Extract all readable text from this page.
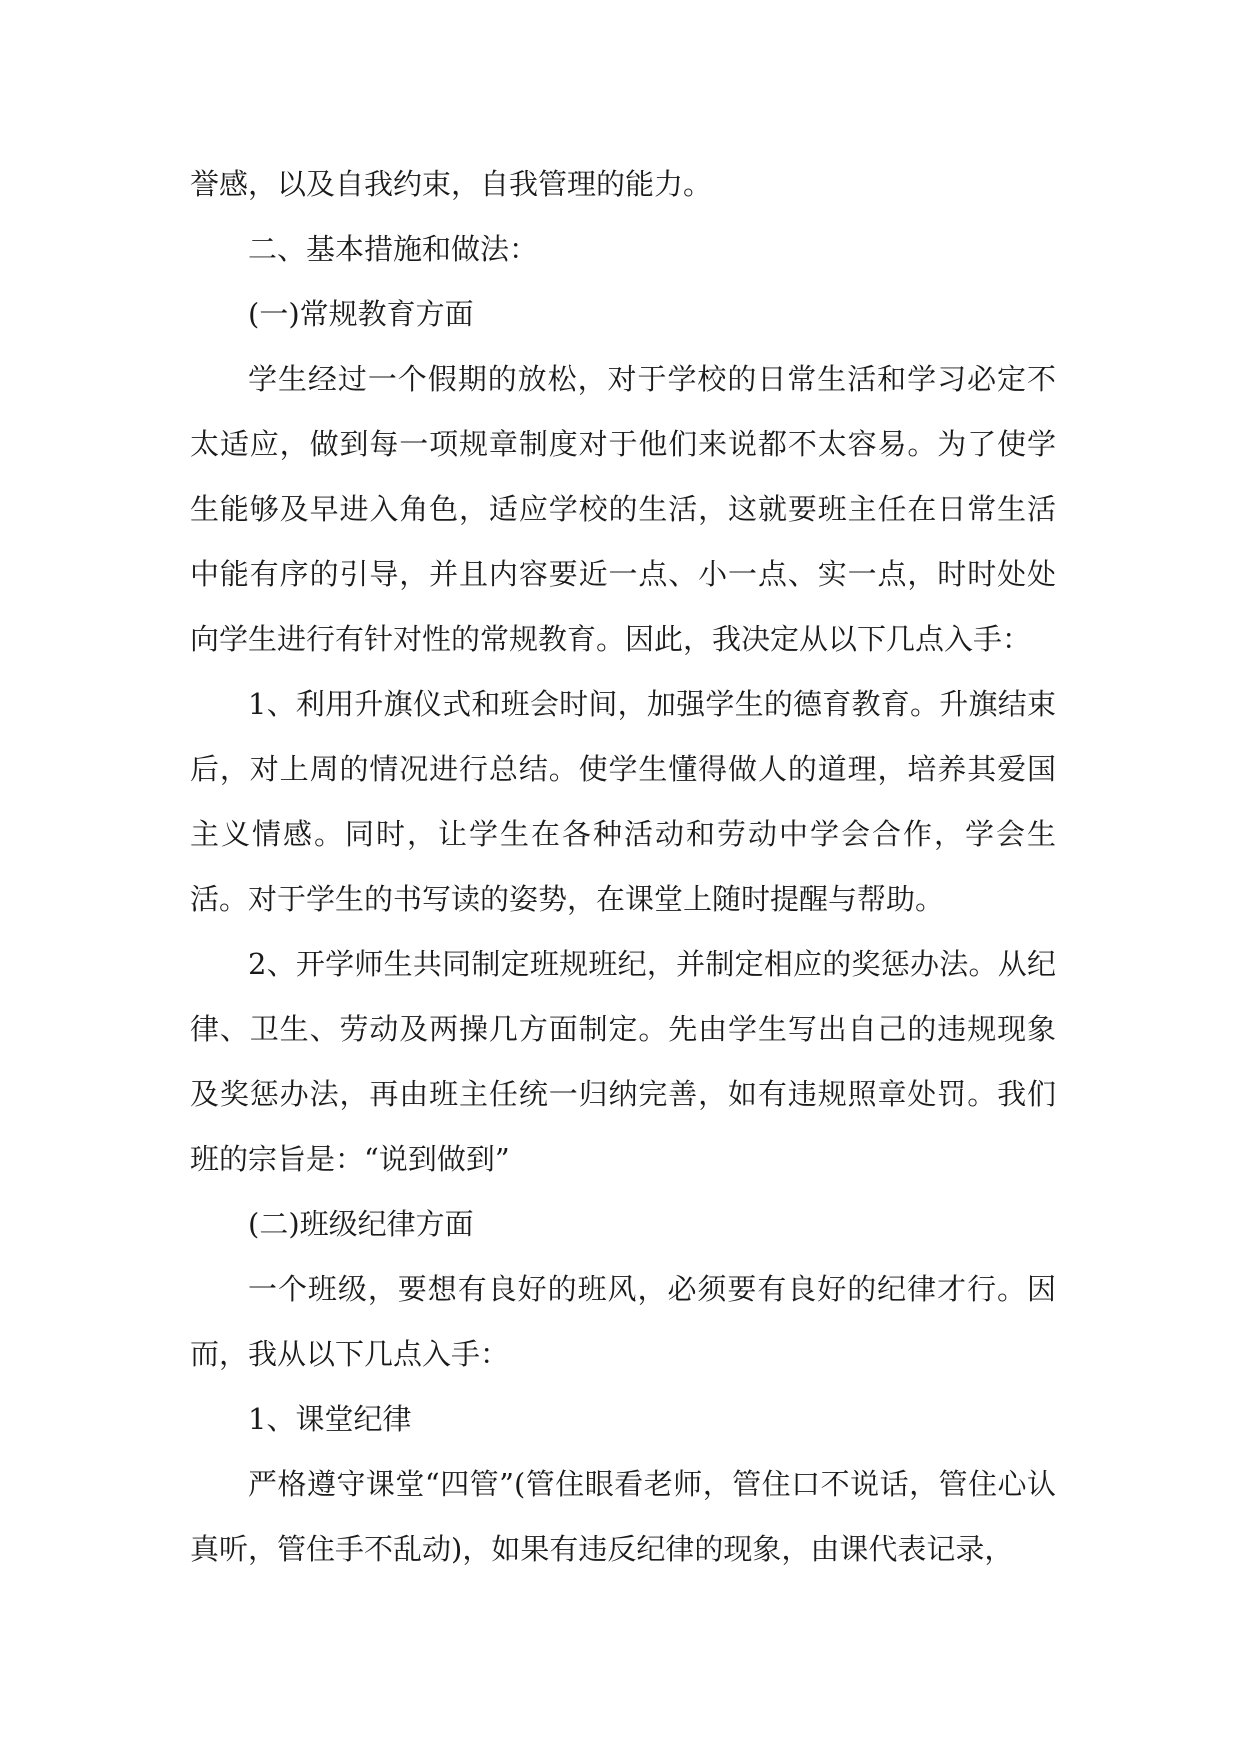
誉感，以及自我约束，自我管理的能力。

二、基本措施和做法：

(一)常规教育方面

学生经过一个假期的放松，对于学校的日常生活和学习必定不太适应，做到每一项规章制度对于他们来说都不太容易。为了使学生能够及早进入角色，适应学校的生活，这就要班主任在日常生活中能有序的引导，并且内容要近一点、小一点、实一点，时时处处向学生进行有针对性的常规教育。因此，我决定从以下几点入手：

1、利用升旗仪式和班会时间，加强学生的德育教育。升旗结束后，对上周的情况进行总结。使学生懂得做人的道理，培养其爱国主义情感。同时，让学生在各种活动和劳动中学会合作，学会生活。对于学生的书写读的姿势，在课堂上随时提醒与帮助。

2、开学师生共同制定班规班纪，并制定相应的奖惩办法。从纪律、卫生、劳动及两操几方面制定。先由学生写出自己的违规现象及奖惩办法，再由班主任统一归纳完善，如有违规照章处罚。我们班的宗旨是：“说到做到”

(二)班级纪律方面

一个班级，要想有良好的班风，必须要有良好的纪律才行。因而，我从以下几点入手：

1、课堂纪律

严格遵守课堂“四管”(管住眼看老师，管住口不说话，管住心认真听，管住手不乱动)，如果有违反纪律的现象，由课代表记录，
